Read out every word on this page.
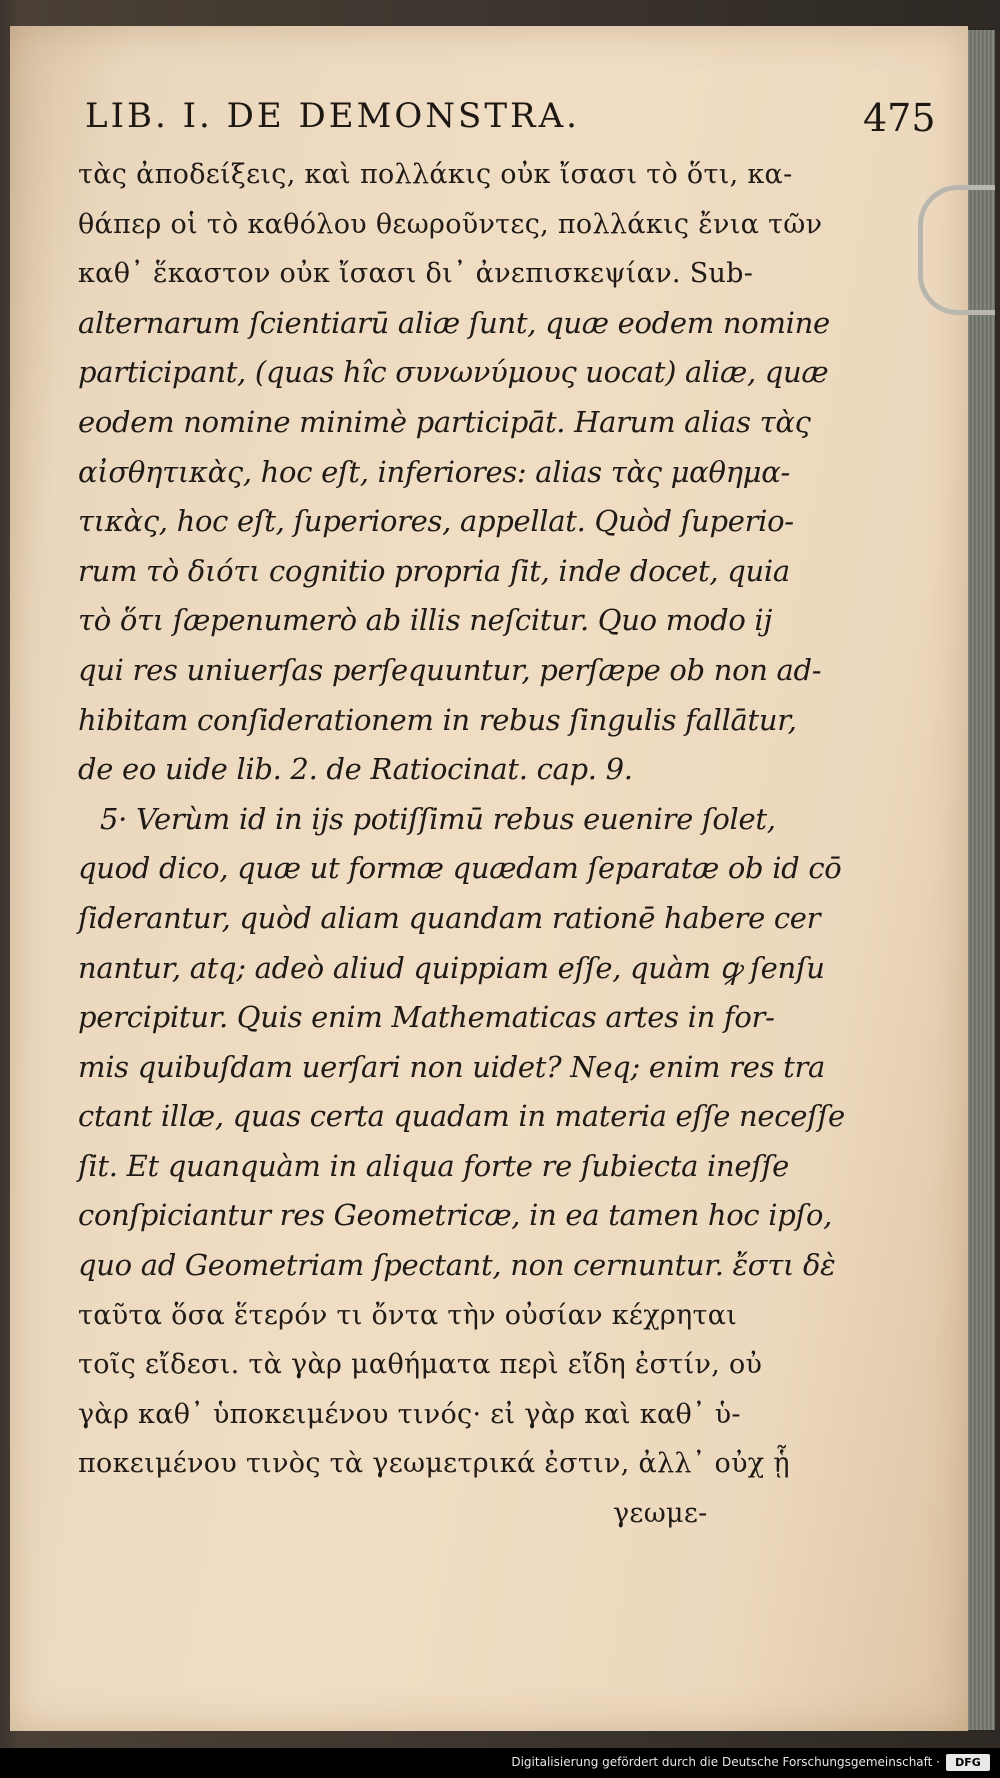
LIB. I. DE DEMONSTRA.	475
τὰς ἀποδείξεις, καὶ πολλάκις οὐκ ἴσασι τὸ ὅτι, κα-
θάπερ οἱ τὸ καθόλου θεωροῦντες, πολλάκις ἔνια τῶν
καθ᾽ ἕκαστον οὐκ ἴσασι δι᾽ ἀνεπισκεψίαν. Sub-
alternarum ſcientiarū aliæ ſunt, quæ eodem nomine
participant, (quas hîc συνωνύμους uocat) aliæ, quæ
eodem nomine minimè participāt. Harum alias τὰς
αἰσθητικὰς, hoc eſt, inferiores: alias τὰς μαθημα-
τικὰς, hoc eſt, ſuperiores, appellat. Quòd ſuperio-
rum τὸ διότι cognitio propria ſit, inde docet, quia
τὸ ὅτι ſæpenumerò ab illis neſcitur. Quo modo ij
qui res uniuerſas perſequuntur, perſæpe ob non ad-
hibitam conſiderationem in rebus ſingulis fallātur,
de eo uide lib. 2. de Ratiocinat. cap. 9.
5· Verùm id in ijs potiſſimū rebus euenire ſolet,
quod dico, quæ ut formæ quædam ſeparatæ ob id cō
ſiderantur, quòd aliam quandam rationē habere cer
nantur, atq; adeò aliud quippiam eſſe, quàm ꝙ ſenſu
percipitur. Quis enim Mathematicas artes in for-
mis quibuſdam uerſari non uidet? Neq; enim res tra
ctant illæ, quas certa quadam in materia eſſe neceſſe
ſit. Et quanquàm in aliqua forte re ſubiecta ineſſe
conſpiciantur res Geometricæ, in ea tamen hoc ipſo,
quo ad Geometriam ſpectant, non cernuntur. ἔστι δὲ
ταῦτα ὅσα ἕτερόν τι ὄντα τὴν οὐσίαν κέχρηται
τοῖς εἴδεσι. τὰ γὰρ μαθήματα περὶ εἴδη ἐστίν, οὐ
γὰρ καθ᾽ ὑποκειμένου τινός· εἰ γὰρ καὶ καθ᾽ ὑ-
ποκειμένου τινὸς τὰ γεωμετρικά ἐστιν, ἀλλ᾽ οὐχ ᾗ
γεωμε-
Digitalisierung gefördert durch die Deutsche Forschungsgemeinschaft ·	DFG
